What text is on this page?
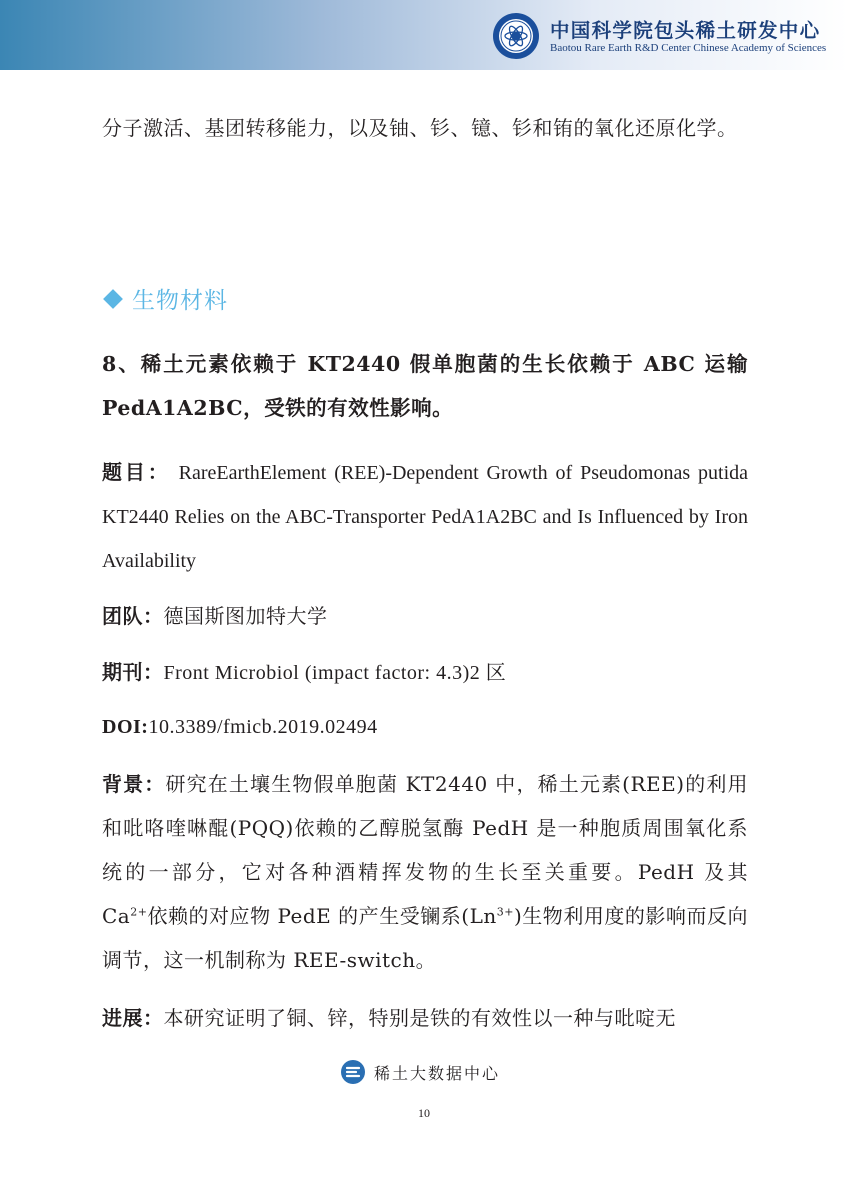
中国科学院包头稀土研发中心
Baotou Rare Earth R&D Center Chinese Academy of Sciences
分子激活、基团转移能力，以及铀、钐、镱、钐和铕的氧化还原化学。
生物材料
8、稀土元素依赖于 KT2440 假单胞菌的生长依赖于 ABC 运输 PedA1A2BC，受铁的有效性影响。
题目： RareEarthElement (REE)-Dependent Growth of Pseudomonas putida KT2440 Relies on the ABC-Transporter PedA1A2BC and Is Influenced by Iron Availability
团队：德国斯图加特大学
期刊：Front Microbiol (impact factor: 4.3)2 区
DOI:10.3389/fmicb.2019.02494
背景：研究在土壤生物假单胞菌 KT2440 中，稀土元素(REE)的利用和吡咯喹啉醌(PQQ)依赖的乙醇脱氢酶 PedH 是一种胞质周围氧化系统的一部分，它对各种酒精挥发物的生长至关重要。PedH 及其 $Ca^{2+}$依赖的对应物 PedE 的产生受镧系$(Ln^{3+})$生物利用度的影响而反向调节，这一机制称为 REE-switch。
进展：本研究证明了铜、锌，特别是铁的有效性以一种与吡啶无
稀土大数据中心
10
